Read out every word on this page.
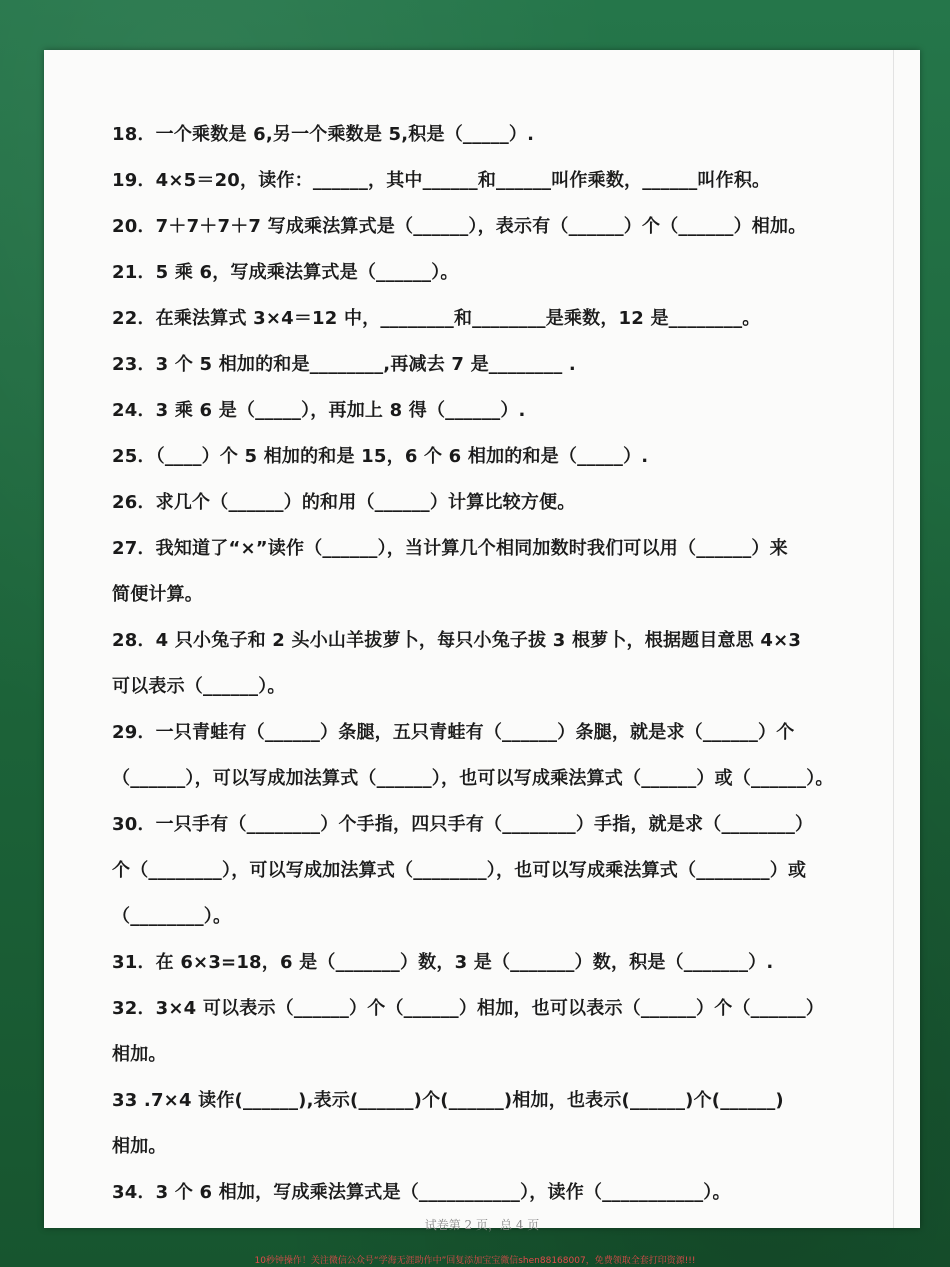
18．一个乘数是 6,另一个乘数是 5,积是（_____）.
19．4×5＝20，读作：______，其中______和______叫作乘数，______叫作积。
20．7＋7＋7＋7 写成乘法算式是（______），表示有（______）个（______）相加。
21．5 乘 6，写成乘法算式是（______）。
22．在乘法算式 3×4＝12 中，________和________是乘数，12 是________。
23．3 个 5 相加的和是________,再减去 7 是________ .
24．3 乘 6 是（_____），再加上 8 得（______）.
25．（____）个 5 相加的和是 15，6 个 6 相加的和是（_____）.
26．求几个（______）的和用（______）计算比较方便。
27．我知道了“×”读作（______），当计算几个相同加数时我们可以用（______）来
简便计算。
28．4 只小兔子和 2 头小山羊拔萝卜，每只小兔子拔 3 根萝卜，根据题目意思 4×3
可以表示（______）。
29．一只青蛙有（______）条腿，五只青蛙有（______）条腿，就是求（______）个
（______），可以写成加法算式（______），也可以写成乘法算式（______）或（______）。
30．一只手有（________）个手指，四只手有（________）手指，就是求（________）
个（________），可以写成加法算式（________），也可以写成乘法算式（________）或
（________）。
31．在 6×3=18，6 是（_______）数，3 是（_______）数，积是（_______）.
32．3×4 可以表示（______）个（______）相加，也可以表示（______）个（______）
相加。
33 .7×4 读作(______),表示(______)个(______)相加，也表示(______)个(______)
相加。
34．3 个 6 相加，写成乘法算式是（___________），读作（___________）。
试卷第 2 页，总 4 页
10秒钟操作！关注微信公众号“学海无涯助作中”回复添加宝宝微信shen88168007，免费领取全套打印资源!!!
